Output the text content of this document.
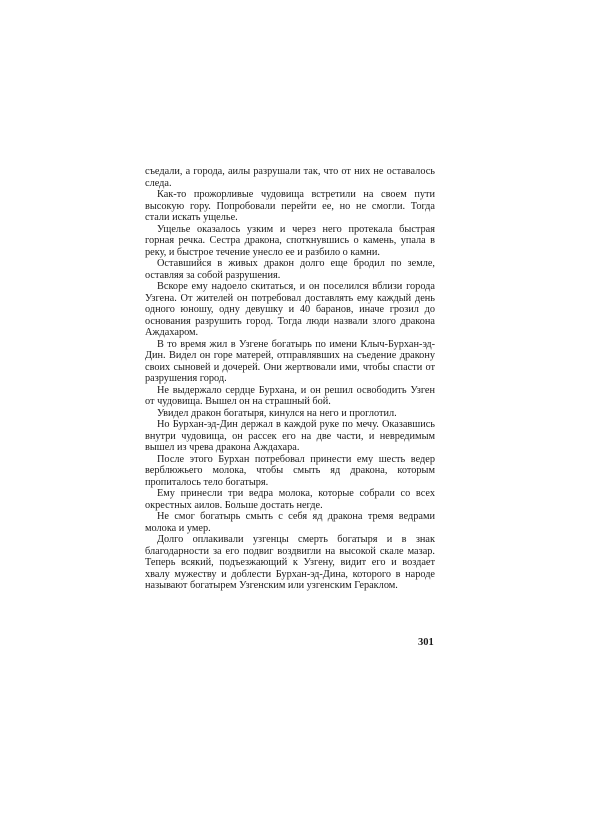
съедали, а города, аилы разрушали так, что от них не оставалось следа.

Как-то прожорливые чудовища встретили на своем пути высокую гору. Попробовали перейти ее, но не смогли. Тогда стали искать ущелье.

Ущелье оказалось узким и через него протекала быстрая горная речка. Сестра дракона, споткнувшись о камень, упала в реку, и быстрое течение унесло ее и разбило о камни.

Оставшийся в живых дракон долго еще бродил по земле, оставляя за собой разрушения.

Вскоре ему надоело скитаться, и он поселился вблизи города Узгена. От жителей он потребовал доставлять ему каждый день одного юношу, одну девушку и 40 баранов, иначе грозил до основания разрушить город. Тогда люди назвали злого дракона Аждахаром.

В то время жил в Узгене богатырь по имени Клыч-Бурхан-эд-Дин. Видел он горе матерей, отправлявших на съедение дракону своих сыновей и дочерей. Они жертвовали ими, чтобы спасти от разрушения город.

Не выдержало сердце Бурхана, и он решил освободить Узген от чудовища. Вышел он на страшный бой.

Увидел дракон богатыря, кинулся на него и проглотил.

Но Бурхан-эд-Дин держал в каждой руке по мечу. Оказавшись внутри чудовища, он рассек его на две части, и невредимым вышел из чрева дракона Аждахара.

После этого Бурхан потребовал принести ему шесть ведер верблюжьего молока, чтобы смыть яд дракона, которым пропиталось тело богатыря.

Ему принесли три ведра молока, которые собрали со всех окрестных аилов. Больше достать негде.

Не смог богатырь смыть с себя яд дракона тремя ведрами молока и умер.

Долго оплакивали узгенцы смерть богатыря и в знак благодарности за его подвиг воздвигли на высокой скале мазар. Теперь всякий, подъезжающий к Узгену, видит его и воздает хвалу мужеству и доблести Бурхан-эд-Дина, которого в народе называют богатырем Узгенским или узгенским Гераклом.

301
